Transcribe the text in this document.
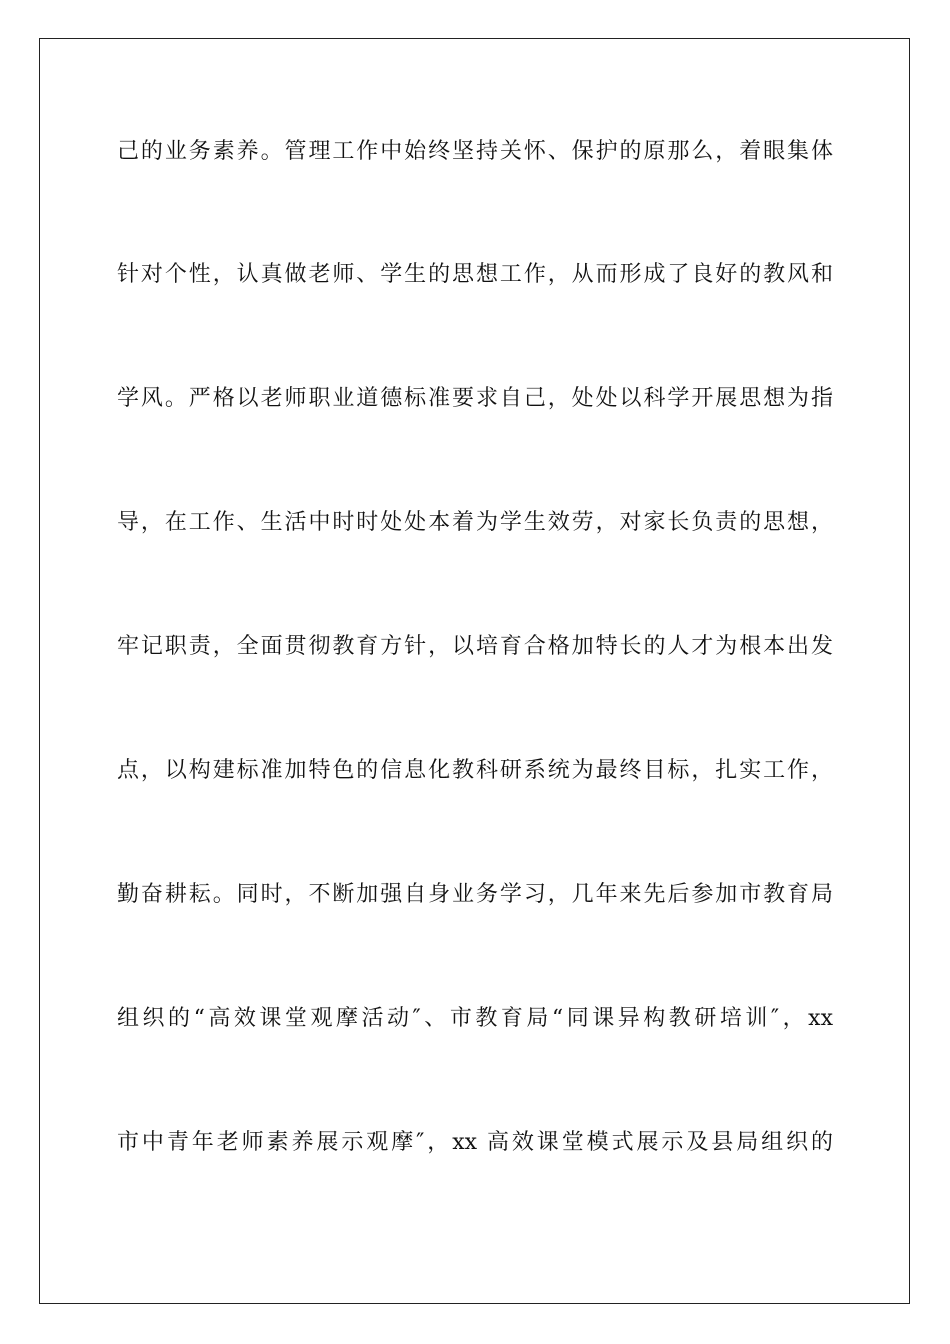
己的业务素养。管理工作中始终坚持关怀、保护的原那么，着眼集体
针对个性，认真做老师、学生的思想工作，从而形成了良好的教风和
学风。严格以老师职业道德标准要求自己，处处以科学开展思想为指
导，在工作、生活中时时处处本着为学生效劳，对家长负责的思想，
牢记职责，全面贯彻教育方针，以培育合格加特长的人才为根本出发
点，以构建标准加特色的信息化教科研系统为最终目标，扎实工作，
勤奋耕耘。同时，不断加强自身业务学习，几年来先后参加市教育局
组织的“高效课堂观摩活动″、市教育局“同课异构教研培训″，xx
市中青年老师素养展示观摩″，xx 高效课堂模式展示及县局组织的
